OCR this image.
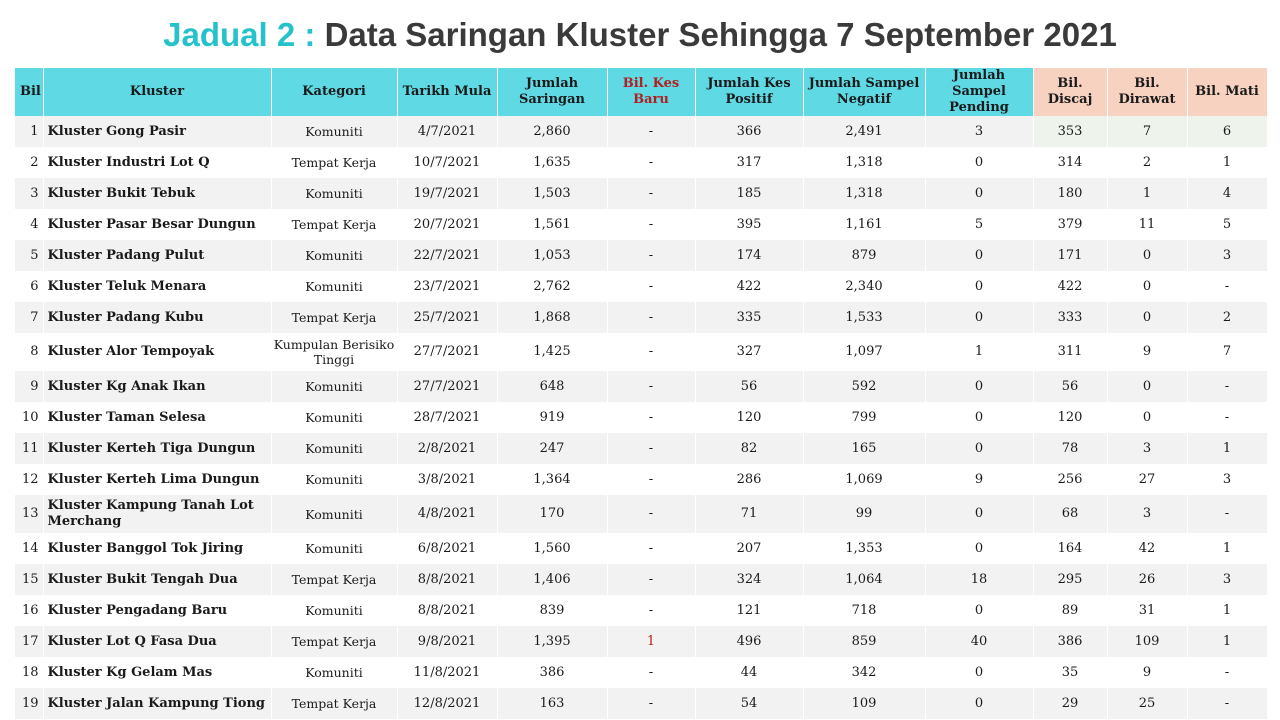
Jadual 2 : Data Saringan Kluster Sehingga 7 September 2021
Bil	Kluster	Kategori	Tarikh Mula	Jumlah Saringan	Bil. Kes Baru	Jumlah Kes Positif	Jumlah Sampel Negatif	Jumlah Sampel Pending	Bil. Discaj	Bil. Dirawat	Bil. Mati
1	Kluster Gong Pasir	Komuniti	4/7/2021	2,860	-	366	2,491	3	353	7	6
2	Kluster Industri Lot Q	Tempat Kerja	10/7/2021	1,635	-	317	1,318	0	314	2	1
3	Kluster Bukit Tebuk	Komuniti	19/7/2021	1,503	-	185	1,318	0	180	1	4
4	Kluster Pasar Besar Dungun	Tempat Kerja	20/7/2021	1,561	-	395	1,161	5	379	11	5
5	Kluster Padang Pulut	Komuniti	22/7/2021	1,053	-	174	879	0	171	0	3
6	Kluster Teluk Menara	Komuniti	23/7/2021	2,762	-	422	2,340	0	422	0	-
7	Kluster Padang Kubu	Tempat Kerja	25/7/2021	1,868	-	335	1,533	0	333	0	2
8	Kluster Alor Tempoyak	Kumpulan Berisiko Tinggi	27/7/2021	1,425	-	327	1,097	1	311	9	7
9	Kluster Kg Anak Ikan	Komuniti	27/7/2021	648	-	56	592	0	56	0	-
10	Kluster Taman Selesa	Komuniti	28/7/2021	919	-	120	799	0	120	0	-
11	Kluster Kerteh Tiga Dungun	Komuniti	2/8/2021	247	-	82	165	0	78	3	1
12	Kluster Kerteh Lima Dungun	Komuniti	3/8/2021	1,364	-	286	1,069	9	256	27	3
13	Kluster Kampung Tanah Lot Merchang	Komuniti	4/8/2021	170	-	71	99	0	68	3	-
14	Kluster Banggol Tok Jiring	Komuniti	6/8/2021	1,560	-	207	1,353	0	164	42	1
15	Kluster Bukit Tengah Dua	Tempat Kerja	8/8/2021	1,406	-	324	1,064	18	295	26	3
16	Kluster Pengadang Baru	Komuniti	8/8/2021	839	-	121	718	0	89	31	1
17	Kluster Lot Q Fasa Dua	Tempat Kerja	9/8/2021	1,395	1	496	859	40	386	109	1
18	Kluster Kg Gelam Mas	Komuniti	11/8/2021	386	-	44	342	0	35	9	-
19	Kluster Jalan Kampung Tiong	Tempat Kerja	12/8/2021	163	-	54	109	0	29	25	-
